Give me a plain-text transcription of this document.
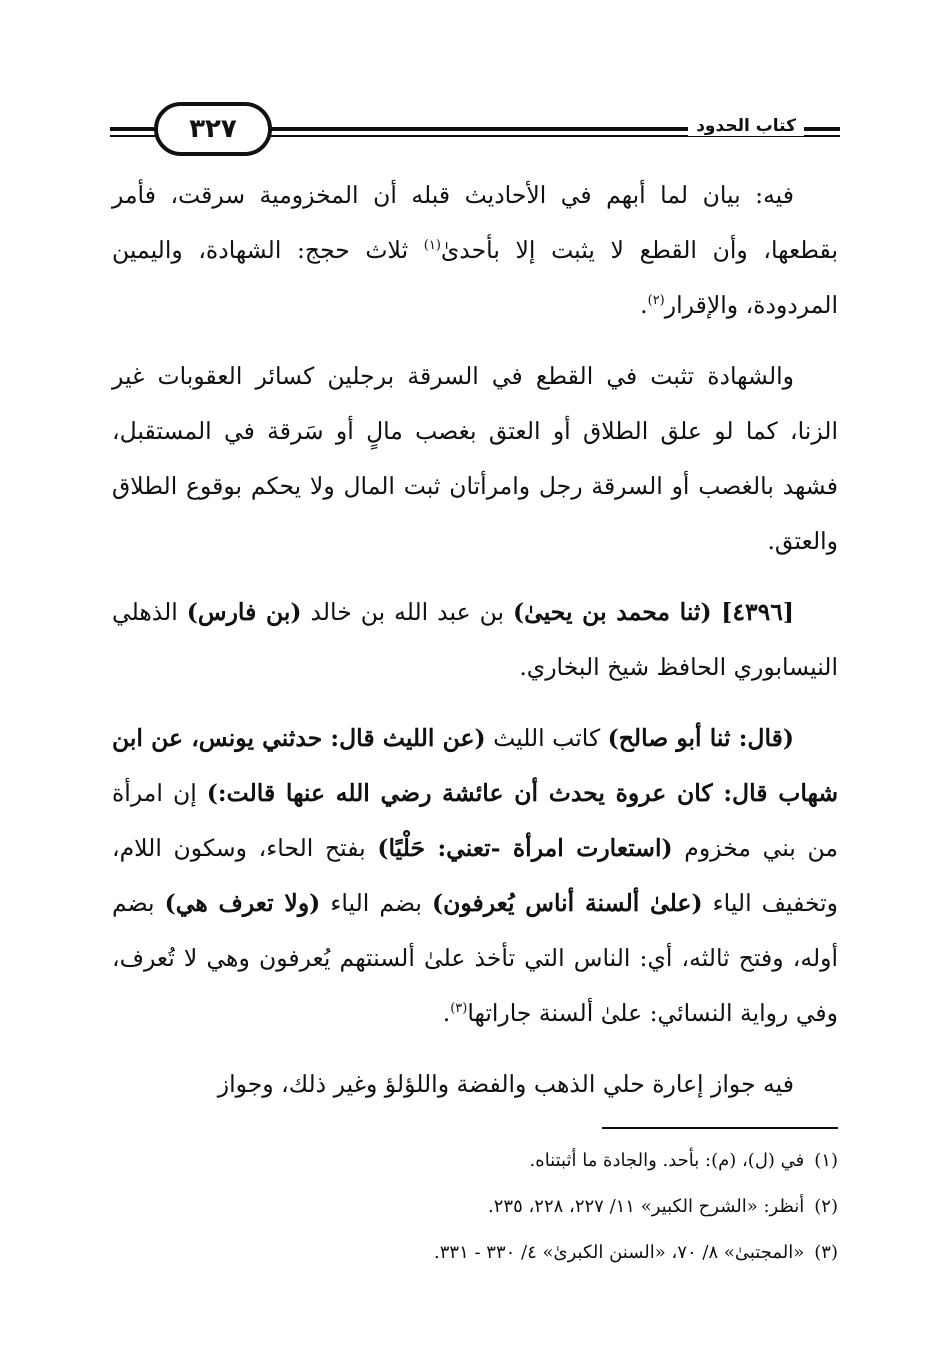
٣٢٧	كتاب الحدود

فيه: بيان لما أبهم في الأحاديث قبله أن المخزومية سرقت، فأمر بقطعها، وأن القطع لا يثبت إلا بأحدىٰ$^{(١)}$ ثلاث حجج: الشهادة، واليمين المردودة، والإقرار$^{(٢)}$.

والشهادة تثبت في القطع في السرقة برجلين كسائر العقوبات غير الزنا، كما لو علق الطلاق أو العتق بغصب مالٍ أو سَرقة في المستقبل، فشهد بالغصب أو السرقة رجل وامرأتان ثبت المال ولا يحكم بوقوع الطلاق والعتق.

[٤٣٩٦] (ثنا محمد بن يحيىٰ) بن عبد الله بن خالد (بن فارس) الذهلي النيسابوري الحافظ شيخ البخاري.

(قال: ثنا أبو صالح) كاتب الليث (عن الليث قال: حدثني يونس، عن ابن شهاب قال: كان عروة يحدث أن عائشة رضي الله عنها قالت:) إن امرأة من بني مخزوم (استعارت امرأة -تعني: حَلْيًا) بفتح الحاء، وسكون اللام، وتخفيف الياء (علىٰ ألسنة أناس يُعرفون) بضم الياء (ولا تعرف هي) بضم أوله، وفتح ثالثه، أي: الناس التي تأخذ علىٰ ألسنتهم يُعرفون وهي لا تُعرف، وفي رواية النسائي: علىٰ ألسنة جاراتها$^{(٣)}$.

فيه جواز إعارة حلي الذهب والفضة واللؤلؤ وغير ذلك، وجواز

(١)في (ل)، (م): بأحد. والجادة ما أثبتناه.

(٢)أنظر: «الشرح الكبير» ١١/ ٢٢٧، ٢٢٨، ٢٣٥.

(٣)«المجتبىٰ» ٨/ ٧٠، «السنن الكبرىٰ» ٤/ ٣٣٠ - ٣٣١.
